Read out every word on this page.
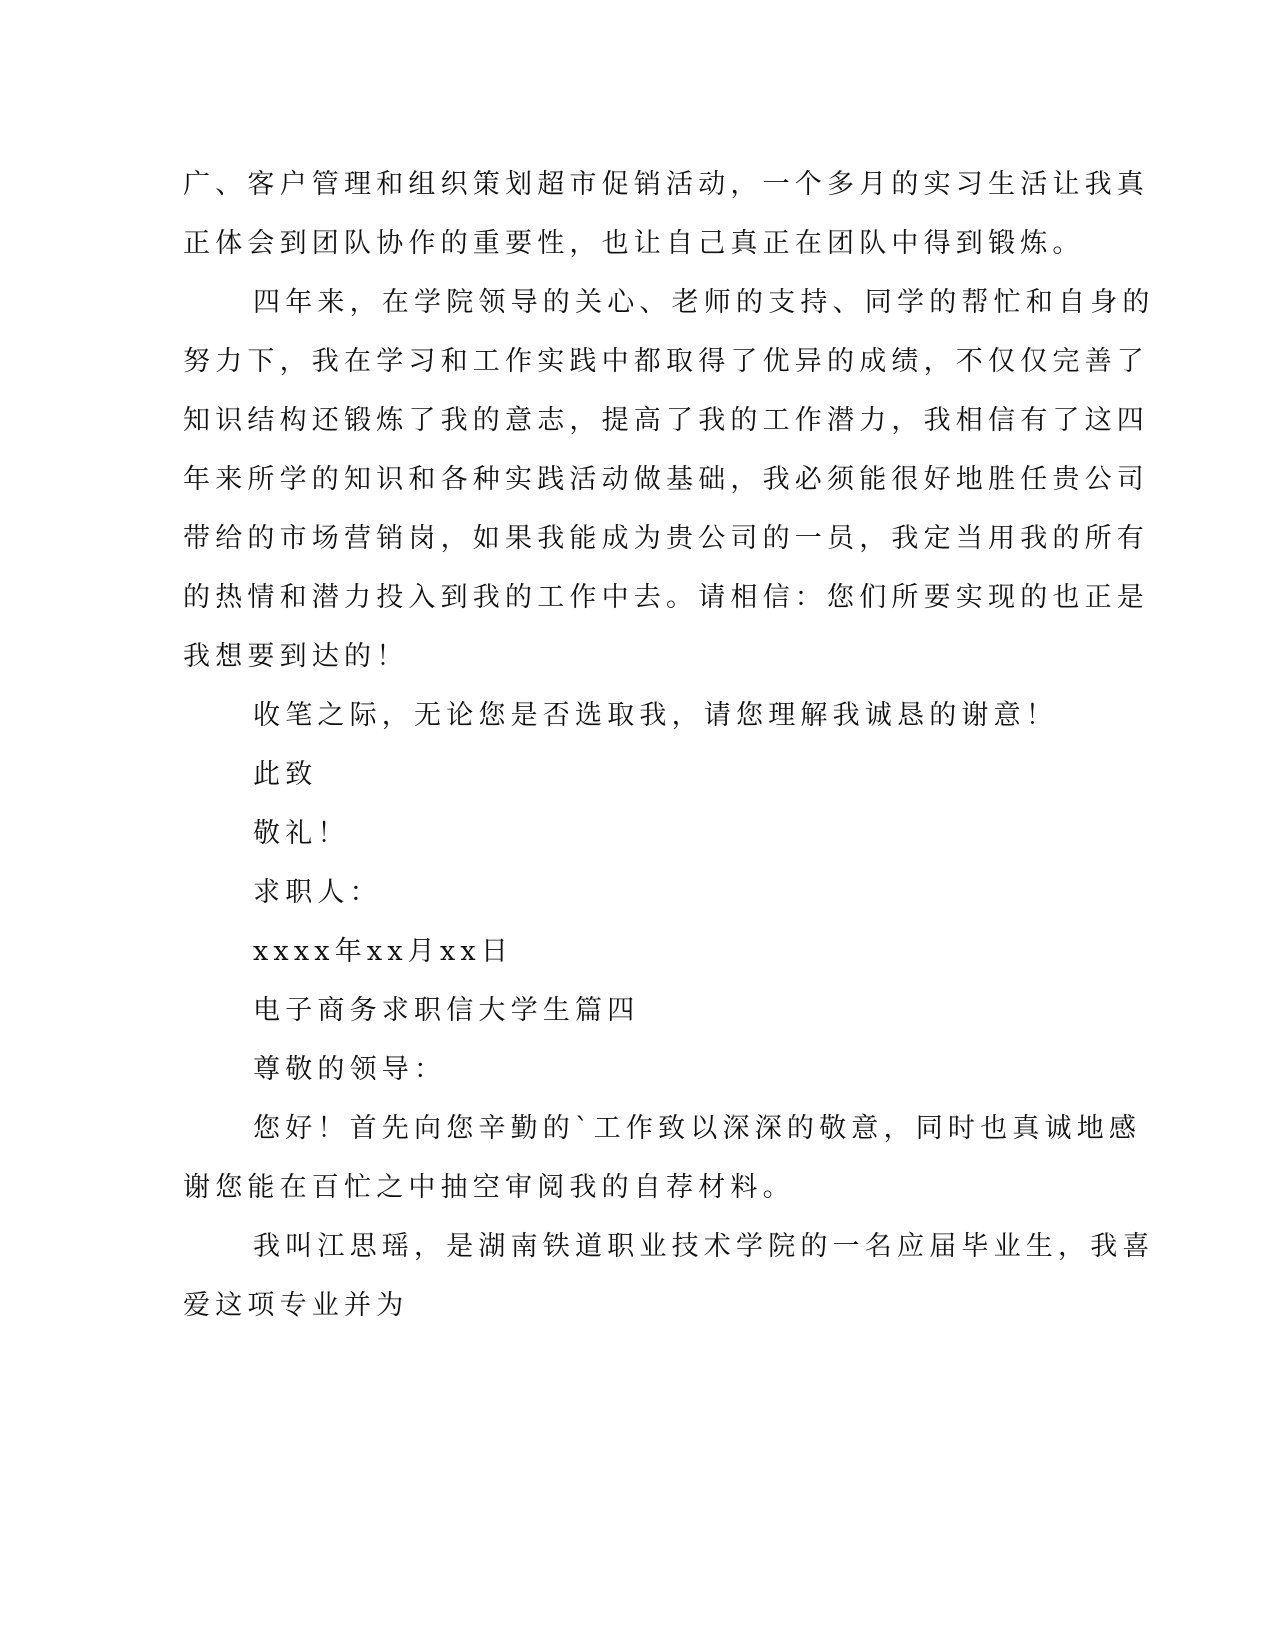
广、客户管理和组织策划超市促销活动，一个多月的实习生活让我真
正体会到团队协作的重要性，也让自己真正在团队中得到锻炼。
四年来，在学院领导的关心、老师的支持、同学的帮忙和自身的
努力下，我在学习和工作实践中都取得了优异的成绩，不仅仅完善了
知识结构还锻炼了我的意志，提高了我的工作潜力，我相信有了这四
年来所学的知识和各种实践活动做基础，我必须能很好地胜任贵公司
带给的市场营销岗，如果我能成为贵公司的一员，我定当用我的所有
的热情和潜力投入到我的工作中去。请相信：您们所要实现的也正是
我想要到达的！
收笔之际，无论您是否选取我，请您理解我诚恳的谢意！
此致
敬礼！
求职人：
xxxx年xx月xx日
电子商务求职信大学生篇四
尊敬的领导：
您好！首先向您辛勤的`工作致以深深的敬意，同时也真诚地感
谢您能在百忙之中抽空审阅我的自荐材料。
我叫江思瑶，是湖南铁道职业技术学院的一名应届毕业生，我喜
爱这项专业并为
